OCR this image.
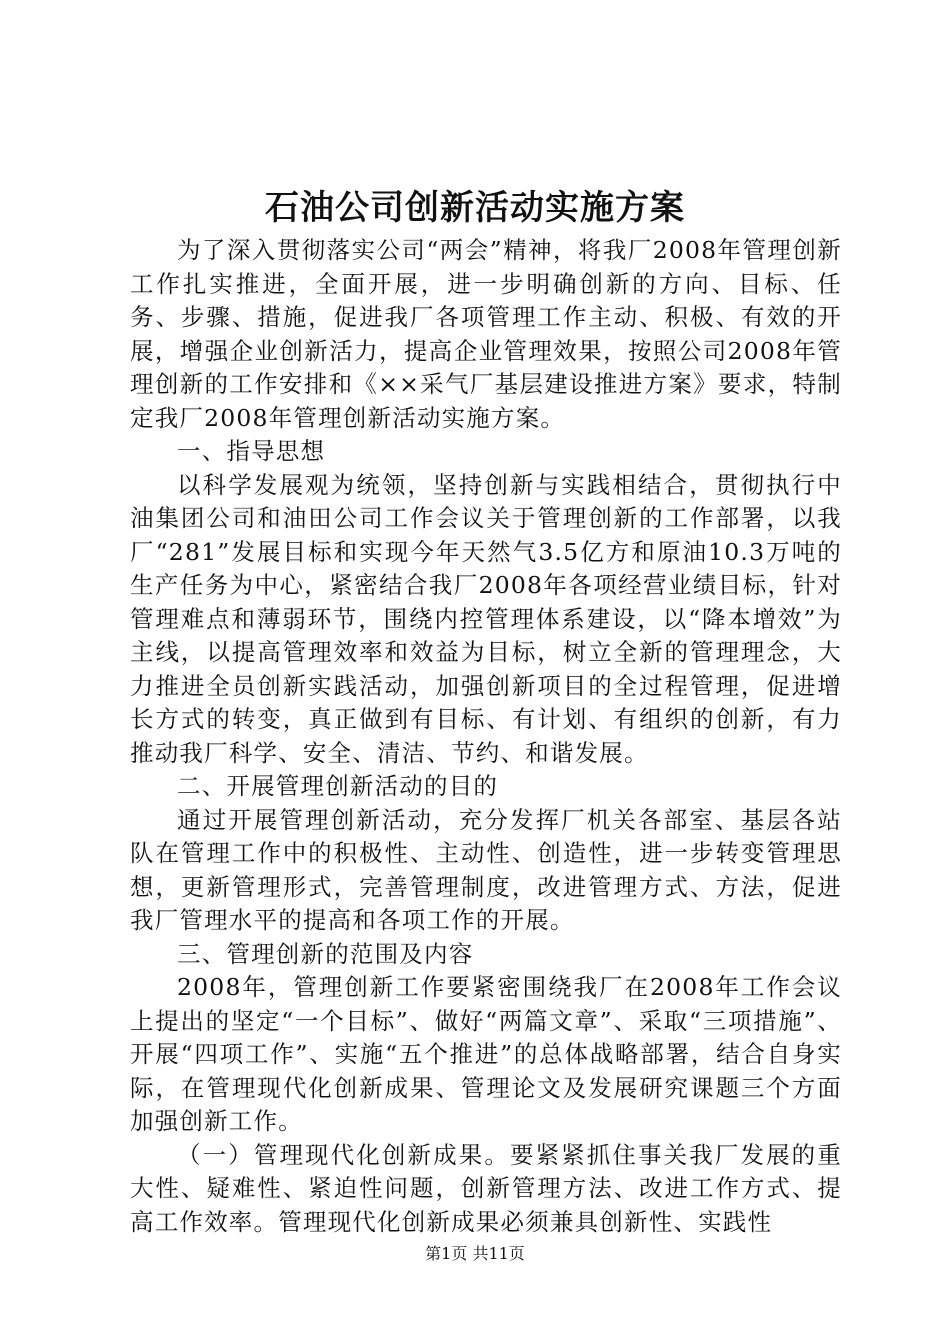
石油公司创新活动实施方案

为了深入贯彻落实公司“两会”精神，将我厂2008年管理创新工作扎实推进，全面开展，进一步明确创新的方向、目标、任务、步骤、措施，促进我厂各项管理工作主动、积极、有效的开展，增强企业创新活力，提高企业管理效果，按照公司2008年管理创新的工作安排和《××采气厂基层建设推进方案》要求，特制定我厂2008年管理创新活动实施方案。

一、指导思想

以科学发展观为统领，坚持创新与实践相结合，贯彻执行中油集团公司和油田公司工作会议关于管理创新的工作部署，以我厂“281”发展目标和实现今年天然气3.5亿方和原油10.3万吨的生产任务为中心，紧密结合我厂2008年各项经营业绩目标，针对管理难点和薄弱环节，围绕内控管理体系建设，以“降本增效”为主线，以提高管理效率和效益为目标，树立全新的管理理念，大力推进全员创新实践活动，加强创新项目的全过程管理，促进增长方式的转变，真正做到有目标、有计划、有组织的创新，有力推动我厂科学、安全、清洁、节约、和谐发展。

二、开展管理创新活动的目的

通过开展管理创新活动，充分发挥厂机关各部室、基层各站队在管理工作中的积极性、主动性、创造性，进一步转变管理思想，更新管理形式，完善管理制度，改进管理方式、方法，促进我厂管理水平的提高和各项工作的开展。

三、管理创新的范围及内容

2008年，管理创新工作要紧密围绕我厂在2008年工作会议上提出的坚定“一个目标”、做好“两篇文章”、采取“三项措施”、开展“四项工作”、实施“五个推进”的总体战略部署，结合自身实际，在管理现代化创新成果、管理论文及发展研究课题三个方面加强创新工作。

（一）管理现代化创新成果。要紧紧抓住事关我厂发展的重大性、疑难性、紧迫性问题，创新管理方法、改进工作方式、提高工作效率。管理现代化创新成果必须兼具创新性、实践性

第1页 共11页
